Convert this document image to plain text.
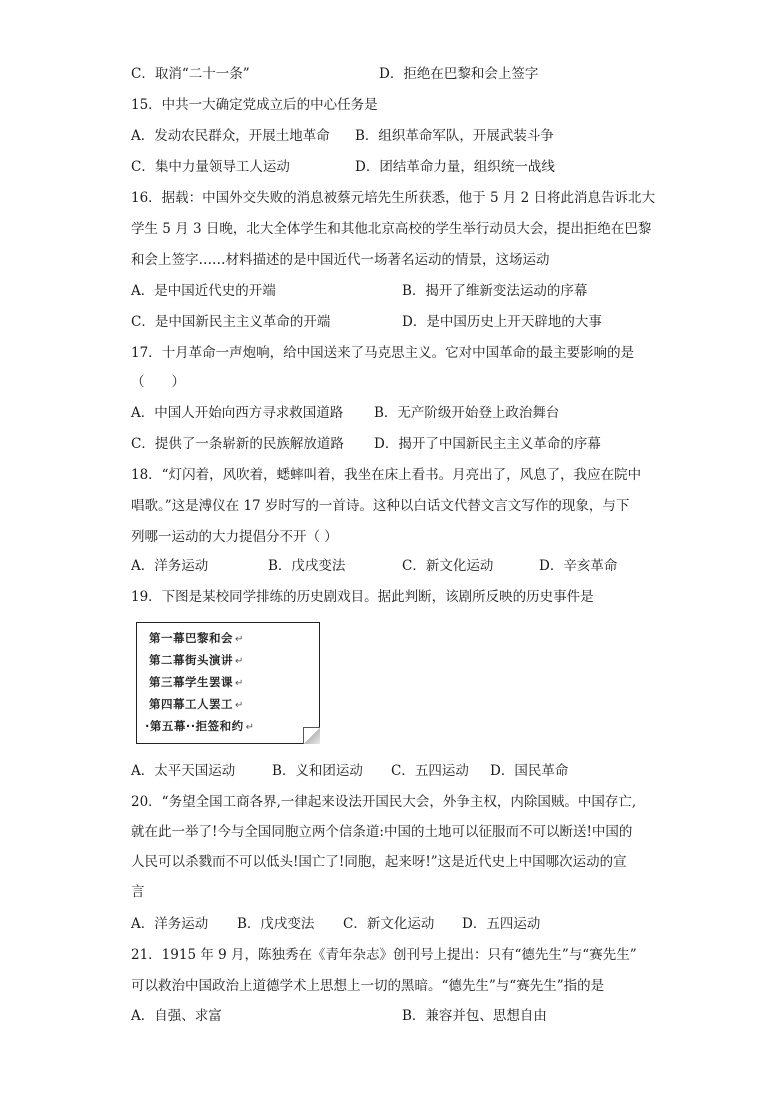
C．取消“二十一条”	D．拒绝在巴黎和会上签字
15．中共一大确定党成立后的中心任务是
A．发动农民群众，开展土地革命 B．组织革命军队，开展武装斗争
C．集中力量领导工人运动	D．团结革命力量，组织统一战线
16．据载：中国外交失败的消息被蔡元培先生所获悉，他于 5 月 2 日将此消息告诉北大
学生 5 月 3 日晚，北大全体学生和其他北京高校的学生举行动员大会，提出拒绝在巴黎
和会上签字……材料描述的是中国近代一场著名运动的情景，这场运动
A．是中国近代史的开端	B．揭开了维新变法运动的序幕
C．是中国新民主主义革命的开端	D．是中国历史上开天辟地的大事
17．十月革命一声炮响，给中国送来了马克思主义。它对中国革命的最主要影响的是
（　　）
A．中国人开始向西方寻求救国道路 B．无产阶级开始登上政治舞台
C．提供了一条崭新的民族解放道路 D．揭开了中国新民主主义革命的序幕
18．“灯闪着，风吹着，蟋蟀叫着，我坐在床上看书。月亮出了，风息了，我应在院中
唱歌。”这是溥仪在 17 岁时写的一首诗。这种以白话文代替文言文写作的现象，与下
列哪一运动的大力提倡分不开（ ）
A．洋务运动	B．戊戌变法	C．新文化运动	D．辛亥革命
19．下图是某校同学排练的历史剧戏目。据此判断，该剧所反映的历史事件是
第一幕巴黎和会 ↵
第二幕街头演讲 ↵
第三幕学生罢课 ↵
第四幕工人罢工 ↵
·第五幕··拒签和约 ↵
A．太平天国运动	B．义和团运动 C．五四运动 D．国民革命
20．“务望全国工商各界,一律起来设法开国民大会，外争主权，内除国贼。中国存亡,
就在此一举了!今与全国同胞立两个信条道:中国的土地可以征服而不可以断送!中国的
人民可以杀戮而不可以低头!国亡了!同胞，起来呀!”这是近代史上中国哪次运动的宣
言
A．洋务运动 B．戊戌变法 C．新文化运动 D．五四运动
21．1915 年 9 月，陈独秀在《青年杂志》创刊号上提出：只有“德先生”与“赛先生”
可以救治中国政治上道德学术上思想上一切的黑暗。“德先生”与“赛先生”指的是
A．自强、求富	B．兼容并包、思想自由
